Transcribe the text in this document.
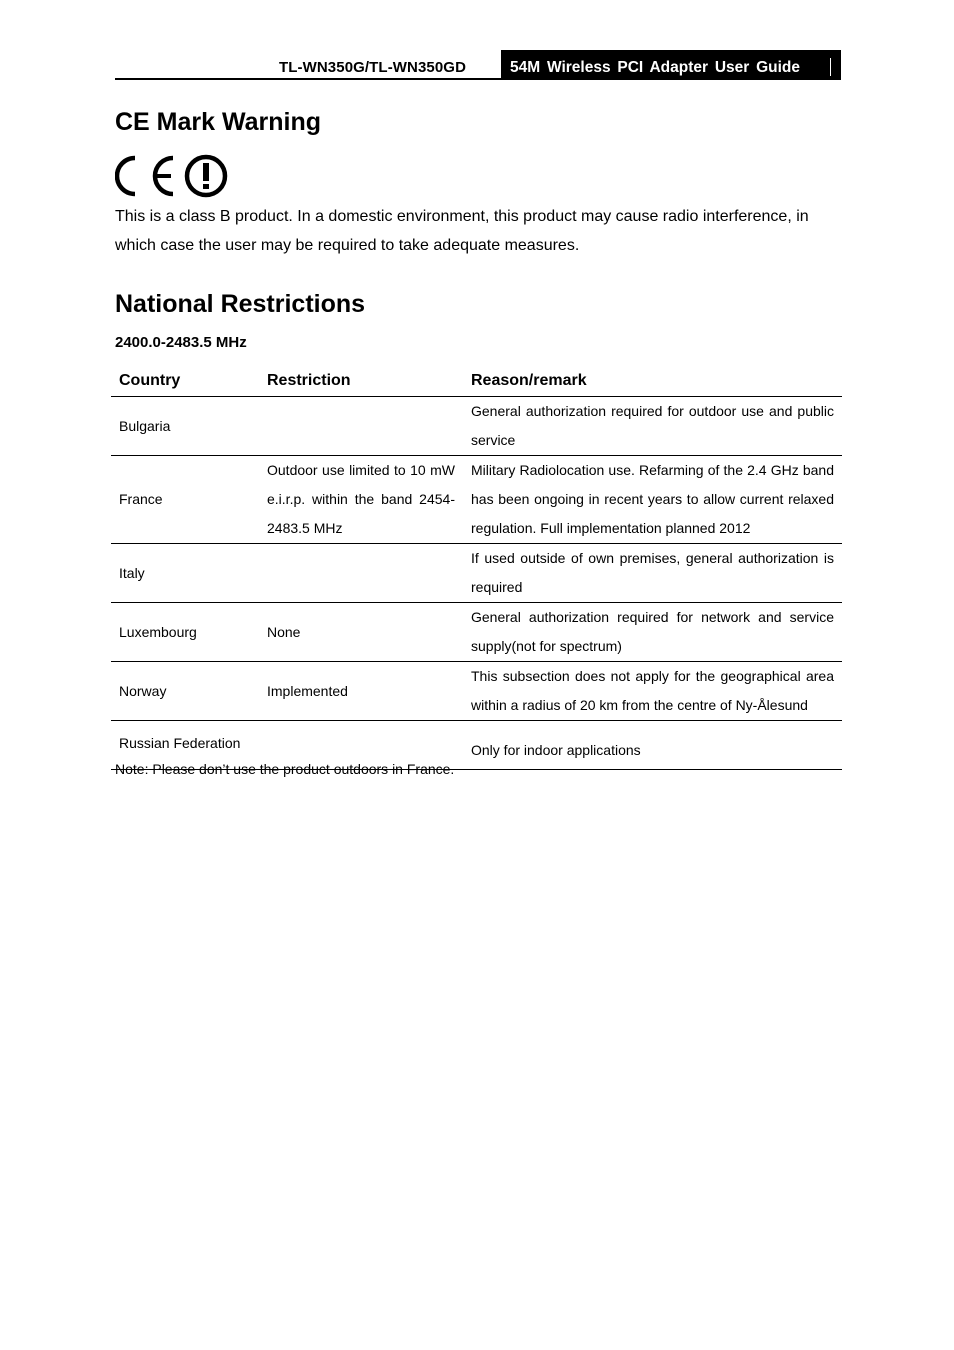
TL-WN350G/TL-WN350GD	54M Wireless PCI Adapter User Guide
CE Mark Warning

This is a class B product. In a domestic environment, this product may cause radio interference, in which case the user may be required to take adequate measures.

National Restrictions
2400.0-2483.5 MHz
Country	Restriction	Reason/remark
Bulgaria		General authorization required for outdoor use and public service
France	Outdoor use limited to 10 mW e.i.r.p. within the band 2454-2483.5 MHz	Military Radiolocation use. Refarming of the 2.4 GHz band has been ongoing in recent years to allow current relaxed regulation. Full implementation planned 2012
Italy		If used outside of own premises, general authorization is required
Luxembourg	None	General authorization required for network and service supply(not for spectrum)
Norway	Implemented	This subsection does not apply for the geographical area within a radius of 20 km from the centre of Ny-Ålesund
Russian Federation		Only for indoor applications
Note: Please don’t use the product outdoors in France.
